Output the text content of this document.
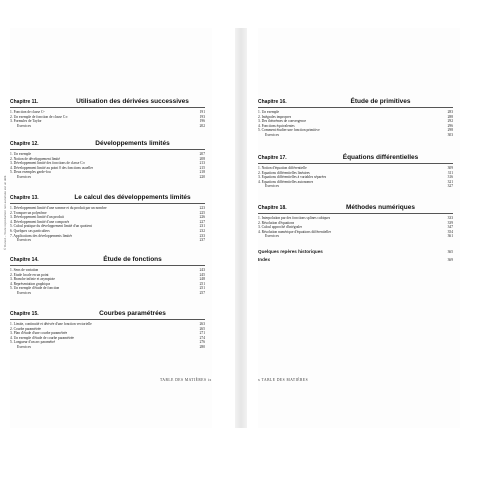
© Dunod – Toute reproduction non autorisée est un délit.
Chapitre 11.	Utilisation des dérivées successives
1. Fonction de classe Cⁿ	191
2. Un exemple de fonction de classe C∞	193
3. Formules de Taylor	196
Exercices	202
Chapitre 12.	Développements limités
1. Un exemple	207
2. Notion de développement limité	208
3. Développement limité des fonctions de classe C∞	213
4. Développement limité au point 0 des fonctions usuelles	215
5. Deux exemples garde-fou	218
Exercices	220
Chapitre 13.	Le calcul des développements limités
1. Développement limité d'une somme et du produit par un nombre	223
2. Tronquer un polynôme	225
3. Développement limité d'un produit	226
4. Développement limité d'une composée	227
5. Calcul pratique du développement limité d'un quotient	231
6. Quelques cas particuliers	232
7. Applications des développements limités	233
Exercices	237
Chapitre 14.	Étude de fonctions
1. Sens de variation	243
2. Étude locale en un point	245
3. Branche infinie et asymptote	248
4. Représentation graphique	251
5. Un exemple d'étude de fonction	251
Exercices	257
Chapitre 15.	Courbes paramétrées
1. Limite, continuité et dérivée d'une fonction vectorielle	263
2. Courbe paramétrée	265
3. Plan d'étude d'une courbe paramétrée	271
4. Un exemple d'étude de courbe paramétrée	274
5. Longueur d'un arc paramétré	276
Exercices	280
TABLE DES MATIÈRES ix
Chapitre 16.	Étude de primitives
1. Un exemple	283
2. Intégrales impropres	288
3. Des théorèmes de convergence	292
4. Fonctions équivalentes	296
5. Comment étudier une fonction primitive	298
Exercices	303
Chapitre 17.	Équations différentielles
1. Notion d'équation différentielle	309
2. Équations différentielles linéaires	311
3. Équations différentielles à variables séparées	316
4. Équations différentielles autonomes	321
Exercices	327
Chapitre 18.	Méthodes numériques
1. Interpolation par des fonctions splines cubiques	333
2. Résolution d'équations	339
3. Calcul approché d'intégrales	347
4. Résolution numérique d'équations différentielles	354
Exercices	361
Quelques repères historiques	365
Index	369
x TABLE DES MATIÈRES
